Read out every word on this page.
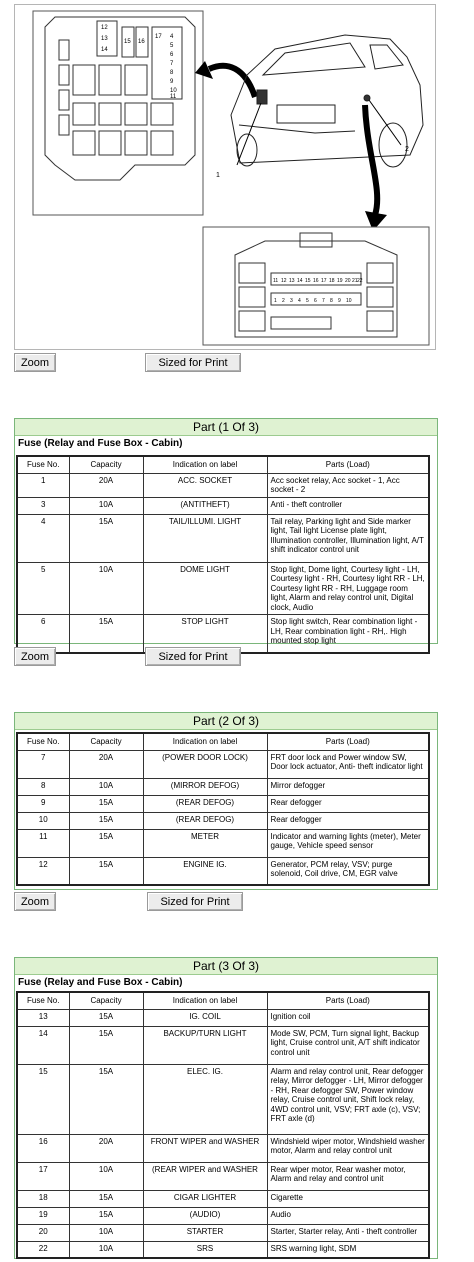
12
13
14
15 16
17 4
5
6
7
8
9
10
11
1
2
11 12 13 14 15 16 17 18 19 20 21 22
1 2 3 4 5 6 7 8 9 10
Zoom	Sized for Print
Part (1 Of 3)
Fuse (Relay and Fuse Box - Cabin)
Fuse No.	Capacity	Indication on label	Parts (Load)
1	20A	ACC. SOCKET	Acc socket relay, Acc socket - 1, Acc socket - 2
3	10A	(ANTITHEFT)	Anti - theft controller
4	15A	TAIL/ILLUMI. LIGHT	Tail relay, Parking light and Side marker light, Tail light License plate light, Illumination controller, Illumination light, A/T shift indicator control unit
5	10A	DOME LIGHT	Stop light, Dome light, Courtesy light - LH, Courtesy light - RH, Courtesy light RR - LH, Courtesy light RR - RH, Luggage room light, Alarm and relay control unit, Digital clock, Audio
6	15A	STOP LIGHT	Stop light switch, Rear combination light - LH, Rear combination light - RH,. High mounted stop light
Zoom	Sized for Print
Part (2 Of 3)
Fuse No.	Capacity	Indication on label	Parts (Load)
7	20A	(POWER DOOR LOCK)	FRT door lock and Power window SW, Door lock actuator, Anti- theft indicator light
8	10A	(MIRROR DEFOG)	Mirror defogger
9	15A	(REAR DEFOG)	Rear defogger
10	15A	(REAR DEFOG)	Rear defogger
11	15A	METER	Indicator and warning lights (meter), Meter gauge, Vehicle speed sensor
12	15A	ENGINE IG.	Generator, PCM relay, VSV; purge solenoid, Coil drive, CM, EGR valve
Zoom	Sized for Print
Part (3 Of 3)
Fuse (Relay and Fuse Box - Cabin)
Fuse No.	Capacity	Indication on label	Parts (Load)
13	15A	IG. COIL	Ignition coil
14	15A	BACKUP/TURN LIGHT	Mode SW, PCM, Turn signal light, Backup light, Cruise control unit, A/T shift indicator control unit
15	15A	ELEC. IG.	Alarm and relay control unit, Rear defogger relay, Mirror defogger - LH, Mirror defogger - RH, Rear defogger SW, Power window relay, Cruise control unit, Shift lock relay, 4WD control unit, VSV; FRT axle (c), VSV; FRT axle (d)
16	20A	FRONT WIPER and WASHER	Windshield wiper motor, Windshield washer motor, Alarm and relay control unit
17	10A	(REAR WIPER and WASHER	Rear wiper motor, Rear washer motor, Alarm and relay and control unit
18	15A	CIGAR LIGHTER	Cigarette
19	15A	(AUDIO)	Audio
20	10A	STARTER	Starter, Starter relay, Anti - theft controller
22	10A	SRS	SRS warning light, SDM
